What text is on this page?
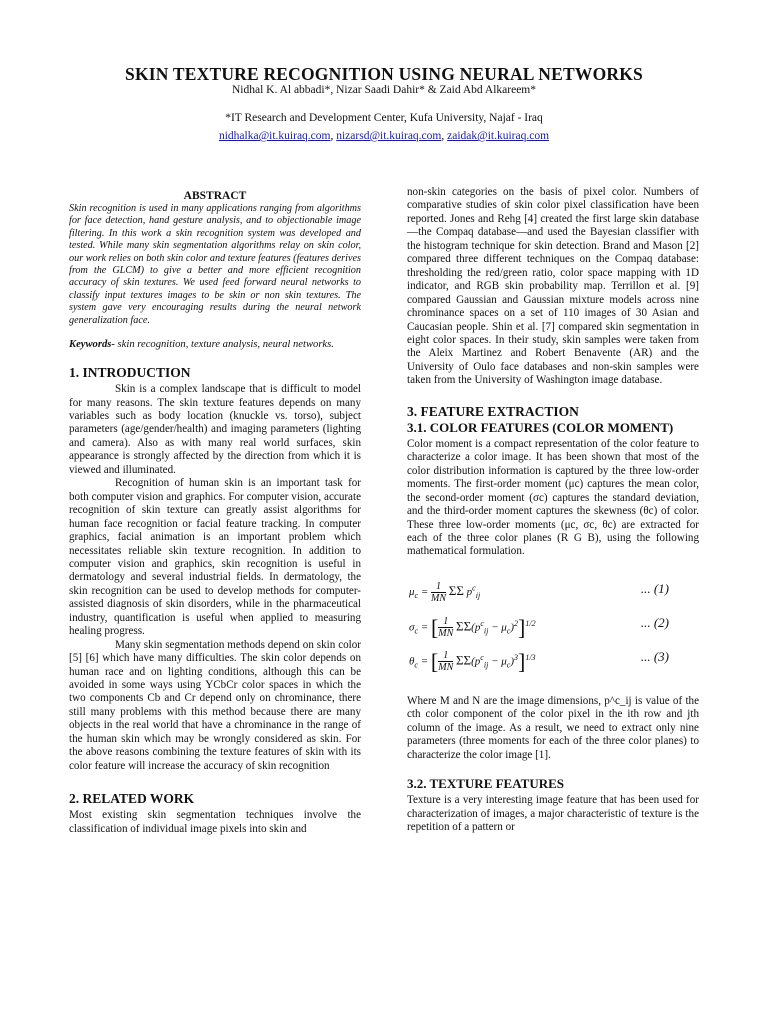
SKIN TEXTURE RECOGNITION USING NEURAL NETWORKS
Nidhal K. Al abbadi*, Nizar Saadi Dahir* & Zaid Abd Alkareem*
*IT Research and Development Center, Kufa University, Najaf - Iraq
nidhalka@it.kuiraq.com, nizarsd@it.kuiraq.com, zaidak@it.kuiraq.com
ABSTRACT

Skin recognition is used in many applications ranging from algorithms for face detection, hand gesture analysis, and to objectionable image filtering. In this work a skin recognition system was developed and tested. While many skin segmentation algorithms relay on skin color, our work relies on both skin color and texture features (features derives from the GLCM) to give a better and more efficient recognition accuracy of skin textures. We used feed forward neural networks to classify input textures images to be skin or non skin textures. The system gave very encouraging results during the neural network generalization face.

Keywords- skin recognition, texture analysis, neural networks.

1. INTRODUCTION

Skin is a complex landscape that is difficult to model for many reasons. The skin texture features depends on many variables such as body location (knuckle vs. torso), subject parameters (age/gender/health) and imaging parameters (lighting and camera). Also as with many real world surfaces, skin appearance is strongly affected by the direction from which it is viewed and illuminated.

Recognition of human skin is an important task for both computer vision and graphics. For computer vision, accurate recognition of skin texture can greatly assist algorithms for human face recognition or facial feature tracking. In computer graphics, facial animation is an important problem which necessitates reliable skin texture recognition. In addition to computer vision and graphics, skin recognition is useful in dermatology and several industrial fields. In dermatology, the skin recognition can be used to develop methods for computer-assisted diagnosis of skin disorders, while in the pharmaceutical industry, quantification is useful when applied to measuring healing progress.

Many skin segmentation methods depend on skin color [5] [6] which have many difficulties. The skin color depends on human race and on lighting conditions, although this can be avoided in some ways using YCbCr color spaces in which the two components Cb and Cr depend only on chrominance, there still many problems with this method because there are many objects in the real world that have a chrominance in the range of the human skin which may be wrongly considered as skin. For the above reasons combining the texture features of skin with its color feature will increase the accuracy of skin recognition

2. RELATED WORK

Most existing skin segmentation techniques involve the classification of individual image pixels into skin and

non-skin categories on the basis of pixel color. Numbers of comparative studies of skin color pixel classification have been reported. Jones and Rehg [4] created the first large skin database—the Compaq database—and used the Bayesian classifier with the histogram technique for skin detection. Brand and Mason [2] compared three different techniques on the Compaq database: thresholding the red/green ratio, color space mapping with 1D indicator, and RGB skin probability map. Terrillon et al. [9] compared Gaussian and Gaussian mixture models across nine chrominance spaces on a set of 110 images of 30 Asian and Caucasian people. Shin et al. [7] compared skin segmentation in eight color spaces. In their study, skin samples were taken from the Aleix Martinez and Robert Benavente (AR) and the University of Oulo face databases and non-skin samples were taken from the University of Washington image database.

3. FEATURE EXTRACTION
3.1. COLOR FEATURES (COLOR MOMENT)

Color moment is a compact representation of the color feature to characterize a color image. It has been shown that most of the color distribution information is captured by the three low-order moments. The first-order moment (μc) captures the mean color, the second-order moment (σc) captures the standard deviation, and the third-order moment captures the skewness (θc) of color. These three low-order moments (μc, σc, θc) are extracted for each of the three color planes (R G B), using the following mathematical formulation.

$\mu_c = \frac{1}{MN}$ ΣΣ $p^c_{ij}$	... (1)
$\sigma_c$ = [ $\frac{1}{MN} \Sigma\Sigma(p^c_{ij} - \mu_c)^2]^{1/2}$	... (2)
$\theta_c$ = [ $\frac{1}{MN} \Sigma\Sigma(p^c_{ij} - \mu_c)^3]^{1/3}$	... (3)

Where M and N are the image dimensions, p^c_ij is value of the cth color component of the color pixel in the ith row and jth column of the image. As a result, we need to extract only nine parameters (three moments for each of the three color planes) to characterize the color image [1].

3.2. TEXTURE FEATURES

Texture is a very interesting image feature that has been used for characterization of images, a major characteristic of texture is the repetition of a pattern or
